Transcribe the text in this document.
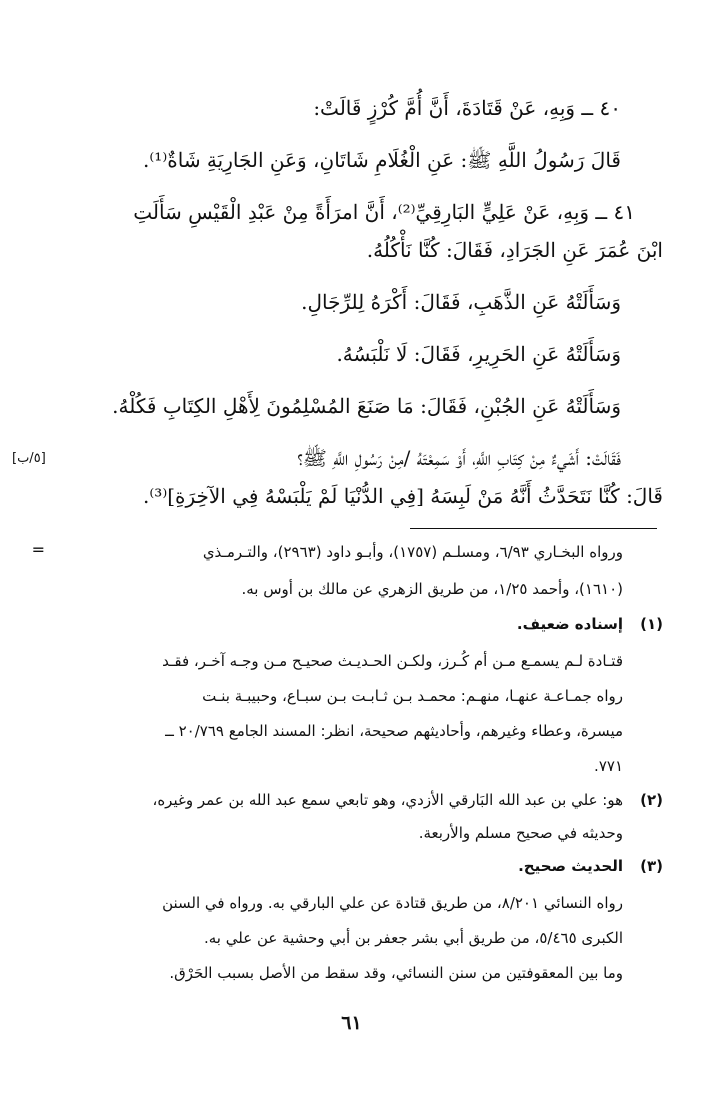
٤٠ ــ وَبِهِ، عَنْ قَتَادَةَ، أَنَّ أُمَّ كُرْزٍ قَالَتْ:
قَالَ رَسُولُ اللَّهِ ﷺ: عَنِ الْغُلَامِ شَاتَانِ، وَعَنِ الجَارِيَةِ شَاةٌ⁽¹⁾.
٤١ ــ وَبِهِ، عَنْ عَلِيٍّ البَارِقِيِّ⁽²⁾، أَنَّ امرَأَةً مِنْ عَبْدِ الْقَيْسِ سَأَلَتِ
ابْنَ عُمَرَ عَنِ الجَرَادِ، فَقَالَ: كُنَّا نَأْكُلُهُ.
وَسَأَلَتْهُ عَنِ الذَّهَبِ، فَقَالَ: أَكْرَهُ لِلرِّجَالِ.
وَسَأَلَتْهُ عَنِ الحَرِيرِ، فَقَالَ: لَا نَلْبَسُهُ.
وَسَأَلَتْهُ عَنِ الجُبْنِ، فَقَالَ: مَا صَنَعَ المُسْلِمُونَ لِأَهْلِ الكِتَابِ فَكُلْهُ.
فَقَالَتْ: أَشَيءٌ مِنْ كِتَابِ اللَّهِ، أَوْ سَمِعْتَهُ /مِنْ رَسُولِ اللَّهِ ﷺ؟
[٥/ب]
قَالَ: كُنَّا نَتَحَدَّثُ أَنَّهُ مَنْ لَبِسَهُ [فِي الدُّنْيَا لَمْ يَلْبَسْهُ فِي الآخِرَةِ]⁽³⁾.
=	ورواه البخـاري ٦/٩٣، ومسلـم (١٧٥٧)، وأبـو داود (٢٩٦٣)، والتـرمـذي
(١٦١٠)، وأحمد ١/٢٥، من طريق الزهري عن مالك بن أوس به.
(١)
إسناده ضعيف.
قتـادة لـم يسمـع مـن أم كُـرز، ولكـن الحـديـث صحيـح مـن وجـه آخـر، فقـد
رواه جمـاعـة عنهـا، منهـم: محمـد بـن ثـابـت بـن سبـاع، وحبيبـة بنـت
ميسرة، وعطاء وغيرهم، وأحاديثهم صحيحة، انظر: المسند الجامع ٢٠/٧٦٩ ــ
٧٧١.
(٢)
هو: علي بن عبد الله البَارقي الأزدي، وهو تابعي سمع عبد الله بن عمر وغيره،
وحديثه في صحيح مسلم والأربعة.
(٣)
الحديث صحيح.
رواه النسائي ٨/٢٠١، من طريق قتادة عن علي البارقي به. ورواه في السنن
الكبرى ٥/٤٦٥، من طريق أبي بشر جعفر بن أبي وحشية عن علي به.
وما بين المعقوفتين من سنن النسائي، وقد سقط من الأصل بسبب الحَرْق.
٦١
